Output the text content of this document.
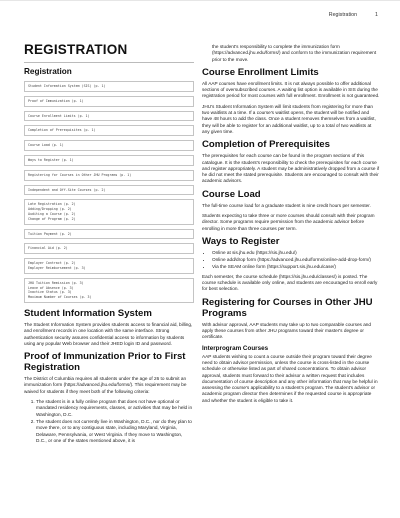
Registration	1
REGISTRATION
Registration
Student Information System (SIS) (p. 1)
Proof of Immunization (p. 1)
Course Enrollment Limits (p. 1)
Completion of Prerequisites (p. 1)
Course Load (p. 1)
Ways to Register (p. 1)
Registering for Courses in Other JHU Programs (p. 1)
Independent and Off-Site Courses (p. 2)
Late Registration (p. 2)
Adding/Dropping (p. 2)
Auditing a Course (p. 2)
Change of Program (p. 2)
Tuition Payment (p. 2)
Financial Aid (p. 2)
Employer Contract (p. 2)
Employer Reimbursement (p. 3)
JHU Tuition Remission (p. 3)
Leave of Absence (p. 3)
Inactive Status (p. 3)
Maximum Number of Courses (p. 3)
Student Information System

The Student Information System provides students access to financial aid, billing, and enrollment records in one location with the same interface. Strong authentication security assures confidential access to information by students using any popular Web browser and their JHED login ID and password.

Proof of Immunization Prior to First Registration

The District of Columbia requires all students under the age of 26 to submit an immunization form (https://advanced.jhu.edu/forms/). This requirement may be waived for students if they meet both of the following criteria:

1. The student is in a fully online program that does not have optional or mandated residency requirements, classes, or activities that may be held in Washington, D.C.
2. The student does not currently live in Washington, D.C., nor do they plan to move there, or to any contiguous state, including Maryland, Virginia, Delaware, Pennsylvania, or West Virginia. If they move to Washington, D.C., or one of the states mentioned above, it is

the student's responsibility to complete the immunization form (https://advanced.jhu.edu/forms/) and conform to the immunization requirement prior to the move.

Course Enrollment Limits

All AAP courses have enrollment limits. It is not always possible to offer additional sections of oversubscribed courses. A waiting list option is available in SIS during the registration period for most courses with full enrollment. Enrollment is not guaranteed.

JHU's Student Information System will limit students from registering for more than two waitlists at a time. If a course's waitlist opens, the student will be notified and have 48 hours to add the class. Once a student removes themselves from a waitlist, they will be able to register for an additional waitlist, up to a total of two waitlists at any given time.

Completion of Prerequisites

The prerequisites for each course can be found in the program sections of this catalogue. It is the student's responsibility to check the prerequisites for each course and register appropriately. A student may be administratively dropped from a course if he did not meet the stated prerequisite. Students are encouraged to consult with their academic advisors.

Course Load

The full-time course load for a graduate student is nine credit hours per semester.

Students expecting to take three or more courses should consult with their program director. Some programs require permission from the academic advisor before enrolling in more than three courses per term.

Ways to Register
• Online at sis.jhu.edu (https://sis.jhu.edu/)
• Online add/drop form (https://advanced.jhu.edu/forms/online-add-drop-form/)
• Via the SEAM online form (https://support.sis.jhu.edu/case/)

Each semester, the course schedule (https://sis.jhu.edu/classes/) is posted. The course schedule is available only online, and students are encouraged to enroll early for best selection.

Registering for Courses in Other JHU Programs

With advisor approval, AAP students may take up to two comparable courses and apply these courses from other JHU programs toward their master's degree or certificate.

Interprogram Courses

AAP students wishing to count a course outside their program toward their degree need to obtain advisor permission, unless the course is cross-listed in the course schedule or otherwise listed as part of shared concentrations. To obtain advisor approval, students must forward to their advisor a written request that includes documentation of course description and any other information that may be helpful in assessing the course's applicability to a student's program. The student's advisor or academic program director then determines if the requested course is appropriate and whether the student is eligible to take it.
